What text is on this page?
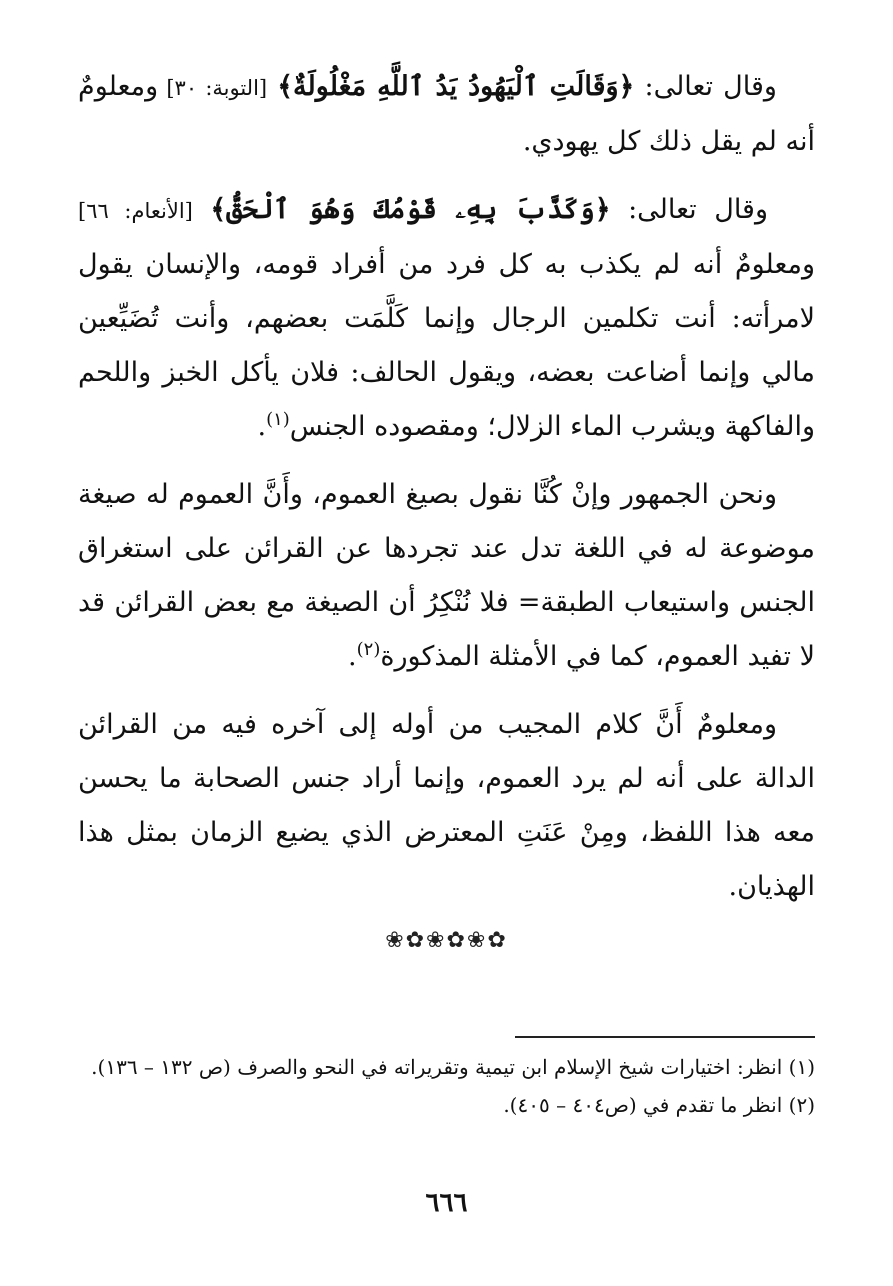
وقال تعالى: ﴿وَقَالَتِ ٱلْيَهُودُ يَدُ ٱللَّهِ مَغْلُولَةٌ﴾ [التوبة: ٣٠] ومعلومٌ أنه لم يقل ذلك كل يهودي.

وقال تعالى: ﴿وَكَذَّبَ بِهِۦ قَوْمُكَ وَهُوَ ٱلْحَقُّ﴾ [الأنعام: ٦٦] ومعلومٌ أنه لم يكذب به كل فرد من أفراد قومه، والإنسان يقول لامرأته: أنت تكلمين الرجال وإنما كَلَّمَت بعضهم، وأنت تُضَيِّعين مالي وإنما أضاعت بعضه، ويقول الحالف: فلان يأكل الخبز واللحم والفاكهة ويشرب الماء الزلال؛ ومقصوده الجنس$^{(١)}$.

ونحن الجمهور وإنْ كُنَّا نقول بصيغ العموم، وأَنَّ العموم له صيغة موضوعة له في اللغة تدل عند تجردها عن القرائن على استغراق الجنس واستيعاب الطبقة= فلا نُنْكِرُ أن الصيغة مع بعض القرائن قد لا تفيد العموم، كما في الأمثلة المذكورة$^{(٢)}$.

ومعلومٌ أَنَّ كلام المجيب من أوله إلى آخره فيه من القرائن الدالة على أنه لم يرد العموم، وإنما أراد جنس الصحابة ما يحسن معه هذا اللفظ، ومِنْ عَنَتِ المعترض الذي يضيع الزمان بمثل هذا الهذيان.

✿❀✿❀✿❀

(١) انظر: اختيارات شيخ الإسلام ابن تيمية وتقريراته في النحو والصرف (ص ١٣٢ – ١٣٦).

(٢) انظر ما تقدم في (ص٤٠٤ – ٤٠٥).

٦٦٦
